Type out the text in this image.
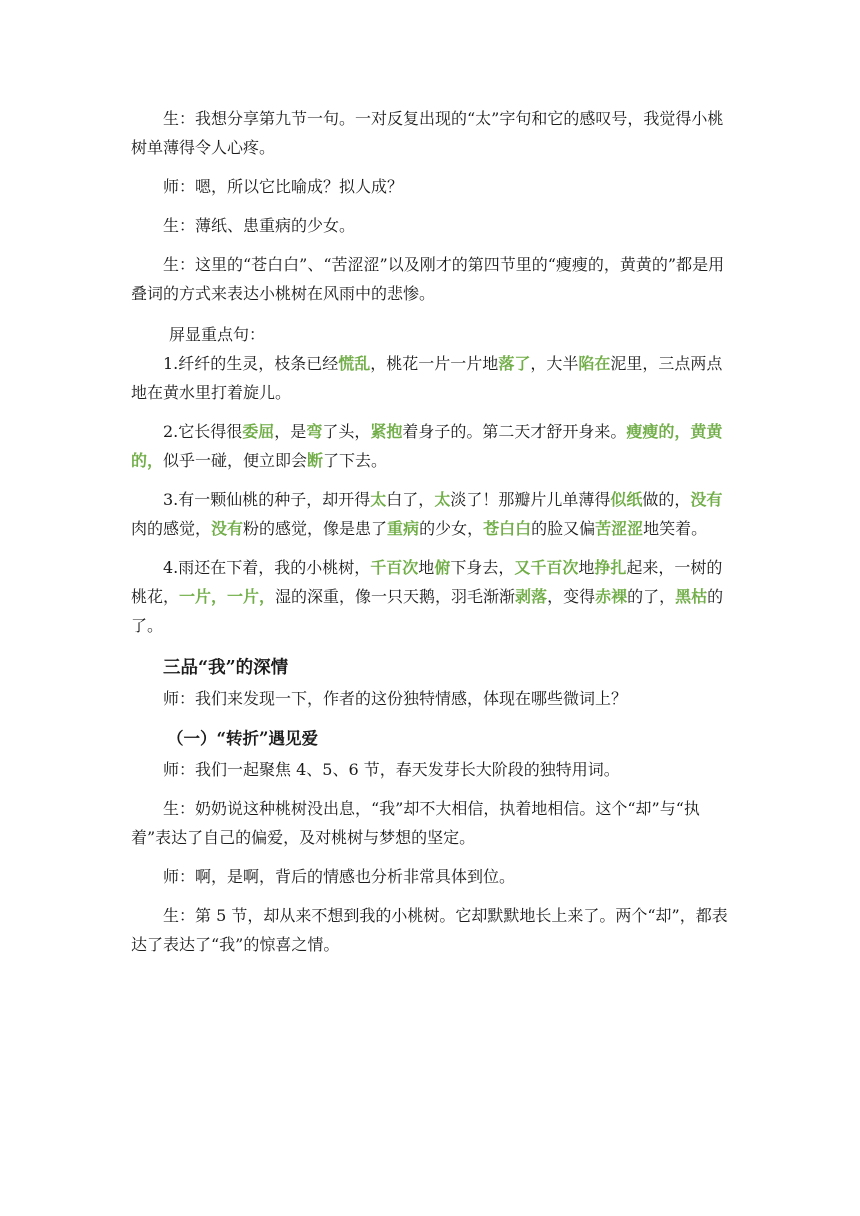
生：我想分享第九节一句。一对反复出现的“太”字句和它的感叹号，我觉得小桃树单薄得令人心疼。

师：嗯，所以它比喻成？拟人成？

生：薄纸、患重病的少女。

生：这里的“苍白白”、“苦涩涩”以及刚才的第四节里的“瘦瘦的，黄黄的”都是用叠词的方式来表达小桃树在风雨中的悲惨。

屏显重点句：

1.纤纤的生灵，枝条已经慌乱，桃花一片一片地落了，大半陷在泥里，三点两点地在黄水里打着旋儿。

2.它长得很委屈，是弯了头，紧抱着身子的。第二天才舒开身来。瘦瘦的，黄黄的，似乎一碰，便立即会断了下去。

3.有一颗仙桃的种子，却开得太白了，太淡了！那瓣片儿单薄得似纸做的，没有肉的感觉，没有粉的感觉，像是患了重病的少女，苍白白的脸又偏苦涩涩地笑着。

4.雨还在下着，我的小桃树，千百次地俯下身去，又千百次地挣扎起来，一树的桃花，一片，一片，湿的深重，像一只天鹅，羽毛渐渐剥落，变得赤裸的了，黑枯的了。

三品“我”的深情

师：我们来发现一下，作者的这份独特情感，体现在哪些微词上？

（一）“转折”遇见爱

师：我们一起聚焦 4、5、6 节，春天发芽长大阶段的独特用词。

生：奶奶说这种桃树没出息，“我”却不大相信，执着地相信。这个“却”与“执着”表达了自己的偏爱，及对桃树与梦想的坚定。

师：啊，是啊，背后的情感也分析非常具体到位。

生：第 5 节，却从来不想到我的小桃树。它却默默地长上来了。两个“却”，都表达了表达了“我”的惊喜之情。
